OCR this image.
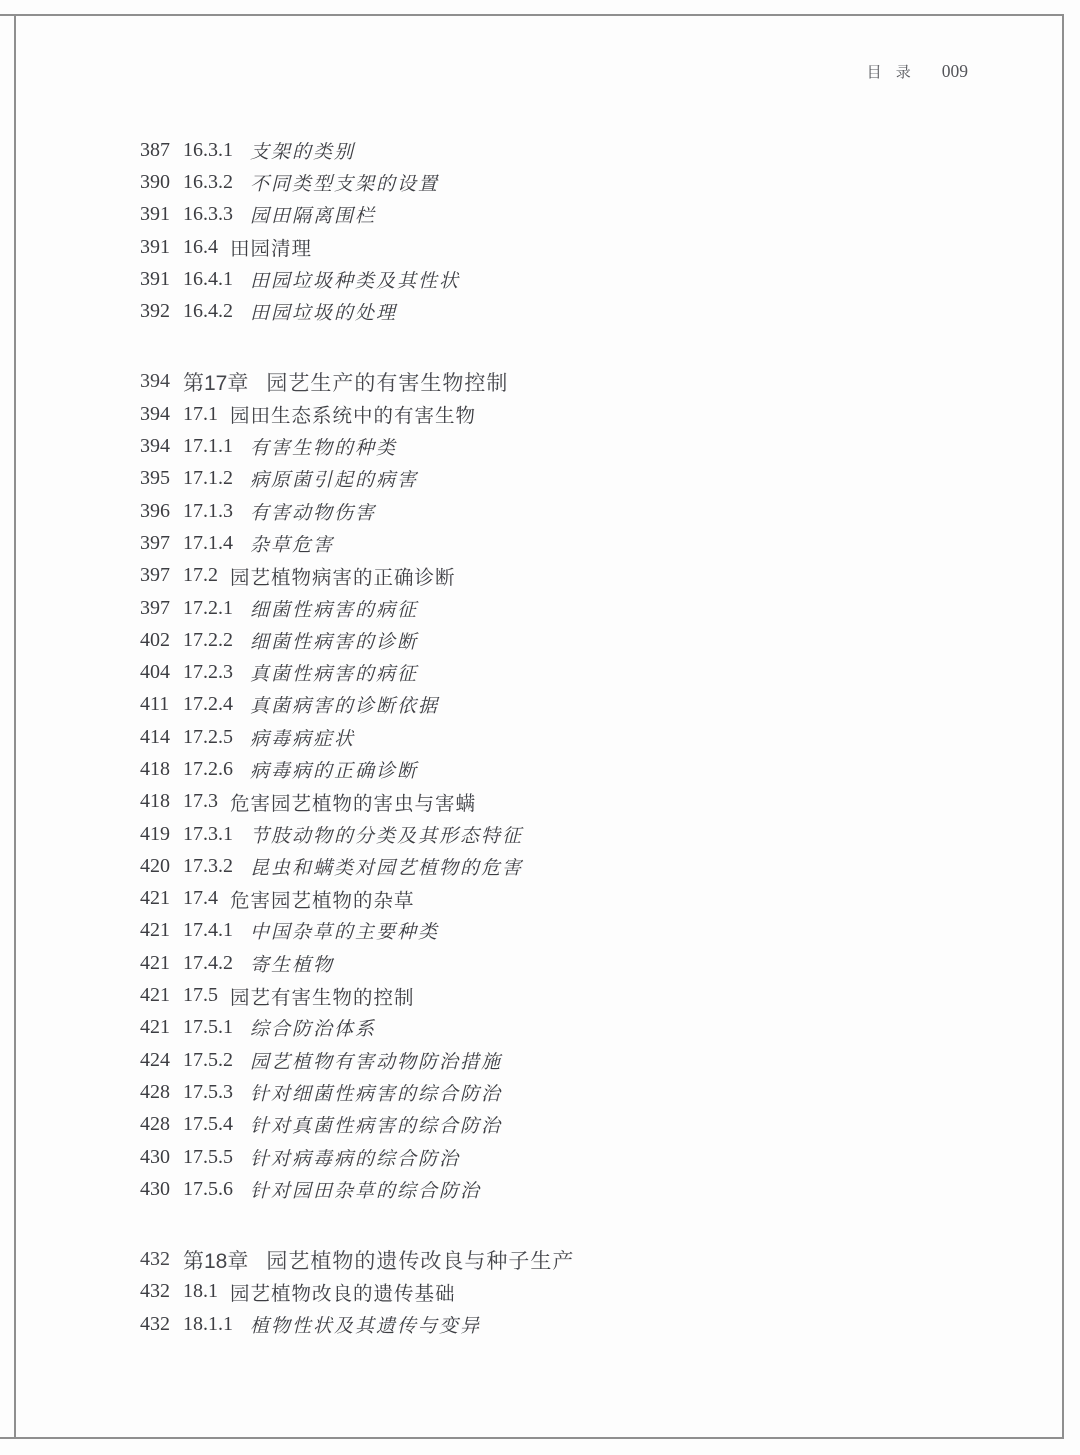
目 录 009
387 16.3.1 支架的类别
390 16.3.2 不同类型支架的设置
391 16.3.3 园田隔离围栏
391 16.4 田园清理
391 16.4.1 田园垃圾种类及其性状
392 16.4.2 田园垃圾的处理
394 第17章 园艺生产的有害生物控制
394 17.1 园田生态系统中的有害生物
394 17.1.1 有害生物的种类
395 17.1.2 病原菌引起的病害
396 17.1.3 有害动物伤害
397 17.1.4 杂草危害
397 17.2 园艺植物病害的正确诊断
397 17.2.1 细菌性病害的病征
402 17.2.2 细菌性病害的诊断
404 17.2.3 真菌性病害的病征
411 17.2.4 真菌病害的诊断依据
414 17.2.5 病毒病症状
418 17.2.6 病毒病的正确诊断
418 17.3 危害园艺植物的害虫与害螨
419 17.3.1 节肢动物的分类及其形态特征
420 17.3.2 昆虫和螨类对园艺植物的危害
421 17.4 危害园艺植物的杂草
421 17.4.1 中国杂草的主要种类
421 17.4.2 寄生植物
421 17.5 园艺有害生物的控制
421 17.5.1 综合防治体系
424 17.5.2 园艺植物有害动物防治措施
428 17.5.3 针对细菌性病害的综合防治
428 17.5.4 针对真菌性病害的综合防治
430 17.5.5 针对病毒病的综合防治
430 17.5.6 针对园田杂草的综合防治
432 第18章 园艺植物的遗传改良与种子生产
432 18.1 园艺植物改良的遗传基础
432 18.1.1 植物性状及其遗传与变异
